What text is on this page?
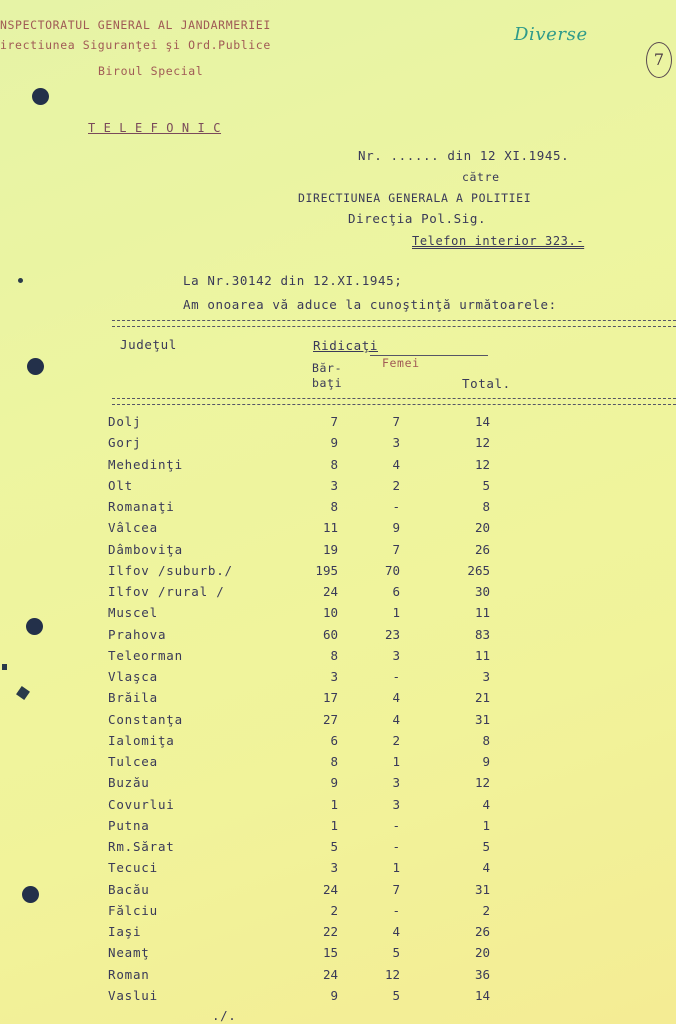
NSPECTORATUL GENERAL AL JANDARMERIEI
irectiunea Siguranţei şi Ord.Publice
Biroul Special
Diverse
7
T E L E F O N I C
Nr. ...... din 12 XI.1945.
către
DIRECTIUNEA GENERALA A POLITIEI
Direcţia Pol.Sig.
Telefon interior 323.-
La Nr.30142 din 12.XI.1945;
Am onoarea vă aduce la cunoştinţă următoarele:
Judeţul	Ridicaţi
Băr-
baţi
Femei
Total.
Dolj	7	7	14
Gorj	9	3	12
Mehedinţi	8	4	12
Olt	3	2	5
Romanaţi	8	-	8
Vâlcea	11	9	20
Dâmboviţa	19	7	26
Ilfov /suburb./	195	70	265
Ilfov /rural /	24	6	30
Muscel	10	1	11
Prahova	60	23	83
Teleorman	8	3	11
Vlaşca	3	-	3
Brăila	17	4	21
Constanţa	27	4	31
Ialomiţa	6	2	8
Tulcea	8	1	9
Buzău	9	3	12
Covurlui	1	3	4
Putna	1	-	1
Rm.Sărat	5	-	5
Tecuci	3	1	4
Bacău	24	7	31
Fălciu	2	-	2
Iaşi	22	4	26
Neamţ	15	5	20
Roman	24	12	36
Vaslui	9	5	14
./.
